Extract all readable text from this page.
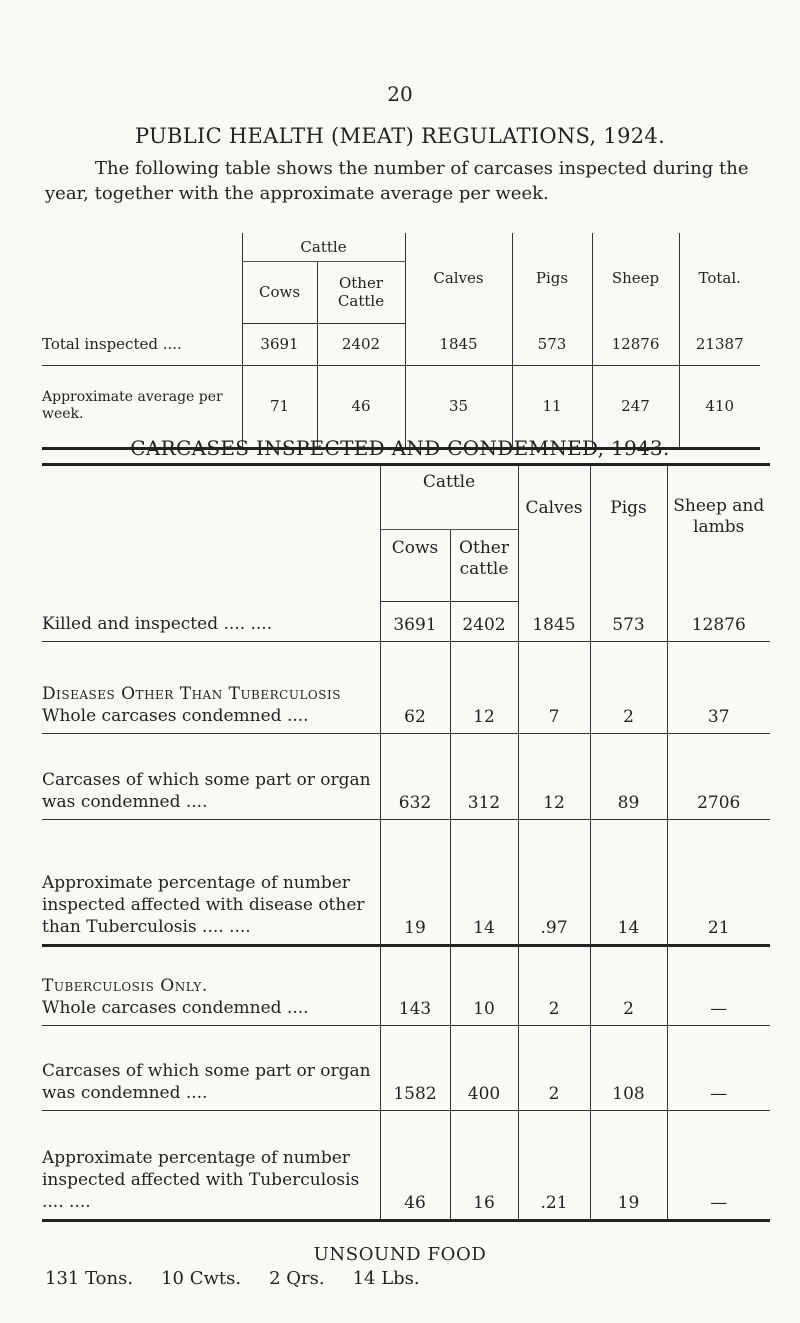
20
PUBLIC HEALTH (MEAT) REGULATIONS, 1924.
The following table shows the number of carcases inspected during the year, together with the approximate average per week.
	Cattle		Calves	Pigs	Sheep	Total.
	Cows	Other Cattle				
Total inspected ....	3691	2402	1845	573	12876	21387
Approximate average per week.	71	46	35	11	247	410
CARCASES INSPECTED AND CONDEMNED, 1943.
	Cattle		Calves	Pigs	Sheep and lambs
	Cows	Other cattle			
Killed and inspected .... ....	3691	2402	1845	573	12876

Diseases Other Than Tuberculosis
Whole carcases condemned ....	62	12	7	2	37
Carcases of which some part or organ was condemned ....	632	312	12	89	2706
Approximate percentage of number inspected affected with disease other than Tuberculosis .... ....	19	14	.97	14	21

Tuberculosis Only.
Whole carcases condemned ....	143	10	2	2	—
Carcases of which some part or organ was condemned ....	1582	400	2	108	—
Approximate percentage of number inspected affected with Tuberculosis .... ....	46	16	.21	19	—
UNSOUND FOOD
131 Tons. 10 Cwts. 2 Qrs. 14 Lbs.
